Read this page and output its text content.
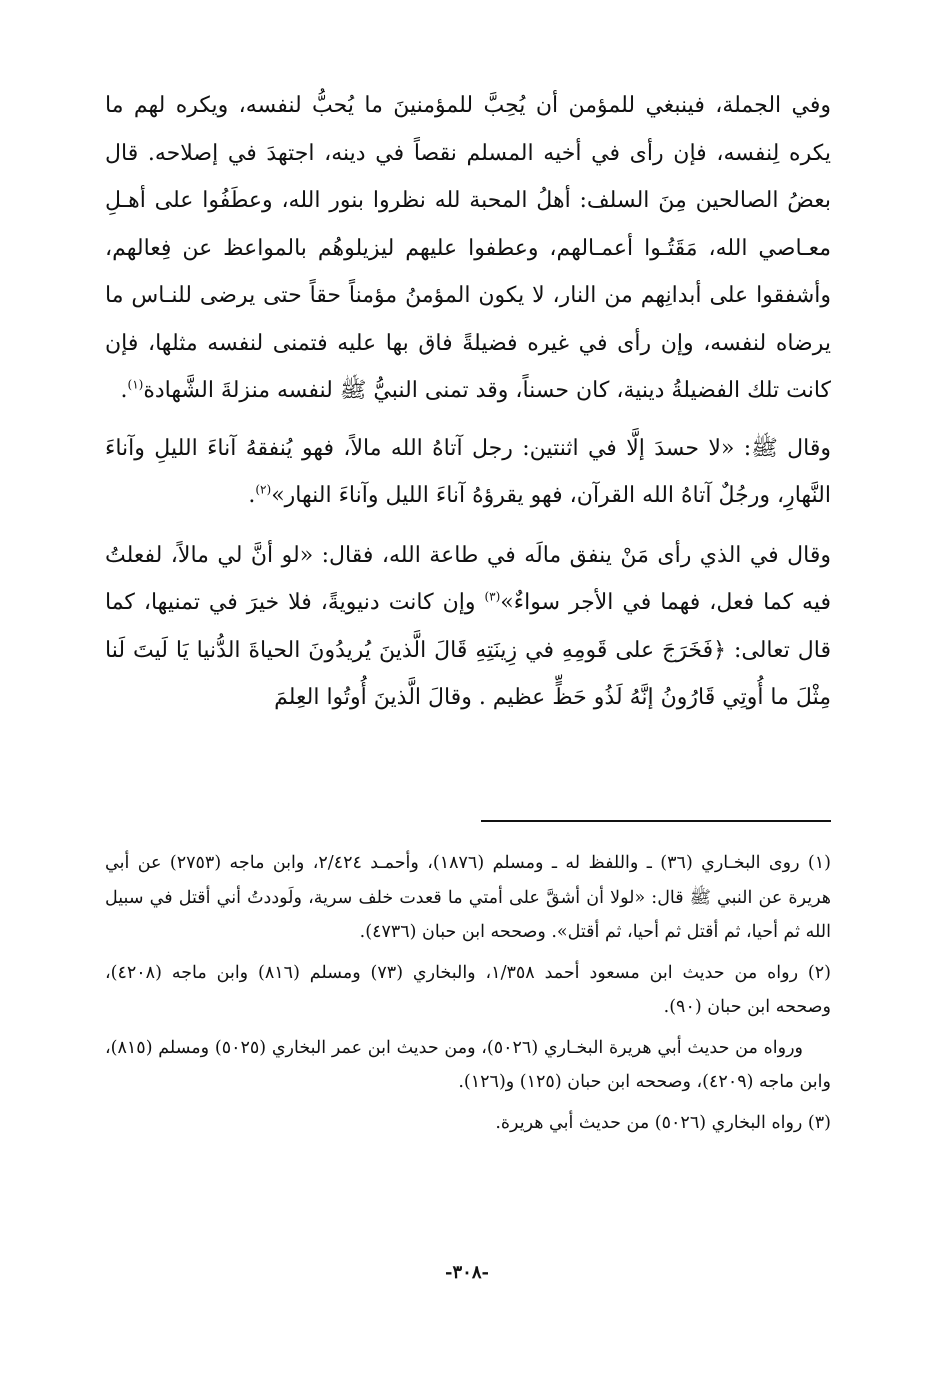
وفي الجملة، فينبغي للمؤمن أن يُحِبَّ للمؤمنينَ ما يُحبُّ لنفسه، ويكره لهم ما يكره لِنفسه، فإن رأى في أخيه المسلم نقصاً في دينه، اجتهدَ في إصلاحه. قال بعضُ الصالحين مِنَ السلف: أهلُ المحبة لله نظروا بنور الله، وعطَفُوا على أهـلِ معـاصي الله، مَقَتُـوا أعمـالهم، وعطفوا عليهم ليزيلوهُم بالمواعظ عن فِعالهم، وأشفقوا على أبدانِهم من النار، لا يكون المؤمنُ مؤمناً حقاً حتى يرضى للنـاس ما يرضاه لنفسه، وإن رأى في غيره فضيلةً فاق بها عليه فتمنى لنفسه مثلها، فإن كانت تلك الفضيلةُ دينية، كان حسناً، وقد تمنى النبيُّ ﷺ لنفسه منزلةَ الشَّهادة$^{(١)}$.

وقال ﷺ: «لا حسدَ إلَّا في اثنتين: رجل آتاهُ الله مالاً، فهو يُنفقهُ آناءَ الليلِ وآناءَ النَّهارِ، ورجُلٌ آتاهُ الله القرآن، فهو يقرؤهُ آناءَ الليل وآناءَ النهار»$^{(٢)}$.

وقال في الذي رأى مَنْ ينفق مالَه في طاعة الله، فقال: «لو أنَّ لي مالاً، لفعلتُ فيه كما فعل، فهما في الأجر سواءٌ»$^{(٣)}$ وإن كانت دنيويةً، فلا خيرَ في تمنيها، كما قال تعالى: ﴿فَخَرَجَ على قَومِهِ في زِينَتِهِ قَالَ الَّذينَ يُريدُونَ الحياةَ الدُّنيا يَا لَيتَ لَنا مِثْلَ ما أُوتِي قَارُونُ إنَّهُ لَذُو حَظٍّ عظيم . وقالَ الَّذينَ أُوتُوا العِلمَ

(١) روى البخـاري (٣٦) ـ واللفظ له ـ ومسلم (١٨٧٦)، وأحمـد ٢/٤٢٤، وابن ماجه (٢٧٥٣) عن أبي هريرة عن النبي ﷺ قال: «لولا أن أشقَّ على أمتي ما قعدت خلف سرية، ولَوددتُ أني أقتل في سبيل الله ثم أحيا، ثم أقتل ثم أحيا، ثم أقتل». وصححه ابن حبان (٤٧٣٦).

(٢) رواه من حديث ابن مسعود أحمد ١/٣٥٨، والبخاري (٧٣) ومسلم (٨١٦) وابن ماجه (٤٢٠٨)، وصححه ابن حبان (٩٠).

ورواه من حديث أبي هريرة البخـاري (٥٠٢٦)، ومن حديث ابن عمر البخاري (٥٠٢٥) ومسلم (٨١٥)، وابن ماجه (٤٢٠٩)، وصححه ابن حبان (١٢٥) و(١٢٦).

(٣) رواه البخاري (٥٠٢٦) من حديث أبي هريرة.

-٣٠٨-
